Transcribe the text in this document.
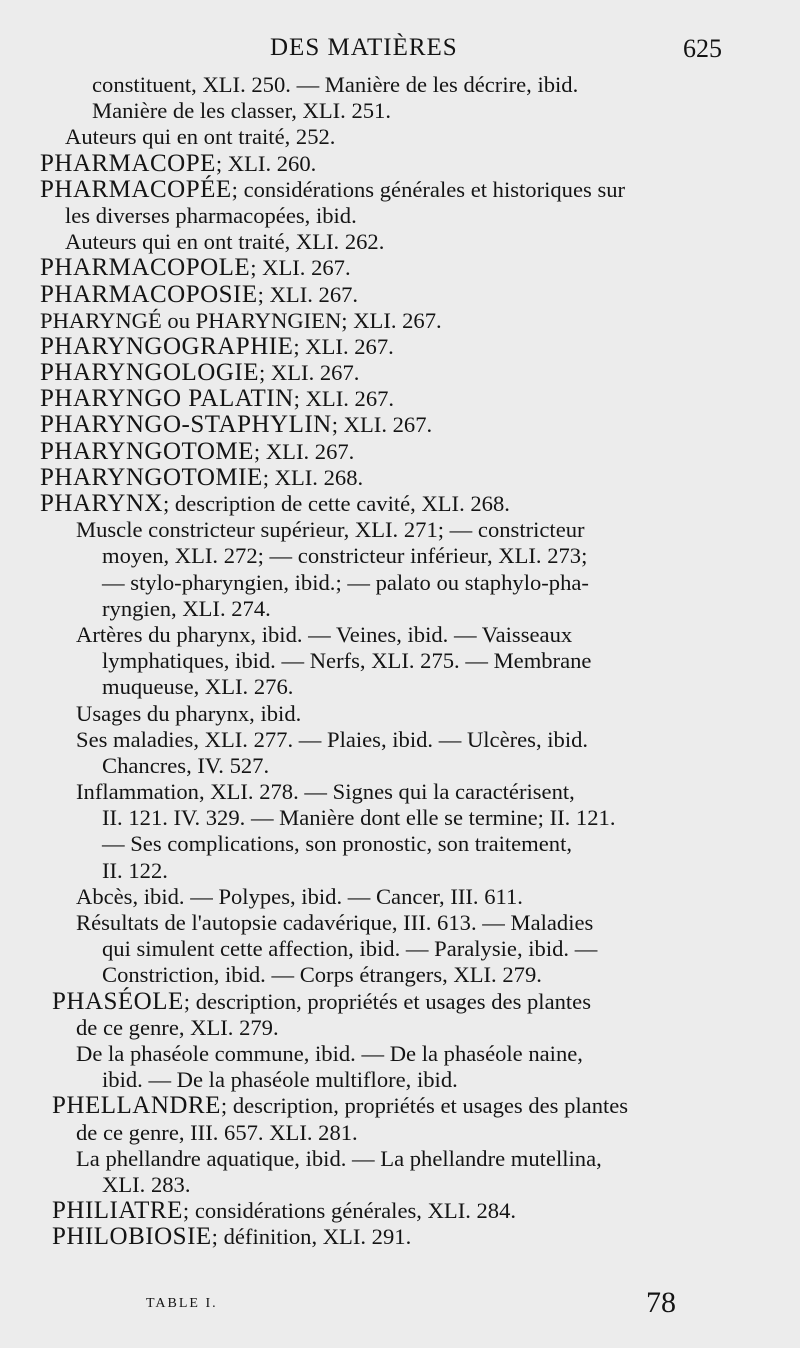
DES MATIÈRES	625
constituent, XLI. 250. — Manière de les décrire, ibid.
Manière de les classer, XLI. 251.
Auteurs qui en ont traité, 252.
PHARMACOPE; XLI. 260.
PHARMACOPÉE; considérations générales et historiques sur
les diverses pharmacopées, ibid.
Auteurs qui en ont traité, XLI. 262.
PHARMACOPOLE; XLI. 267.
PHARMACOPOSIE; XLI. 267.
PHARYNGÉ ou PHARYNGIEN; XLI. 267.
PHARYNGOGRAPHIE; XLI. 267.
PHARYNGOLOGIE; XLI. 267.
PHARYNGO PALATIN; XLI. 267.
PHARYNGO-STAPHYLIN; XLI. 267.
PHARYNGOTOME; XLI. 267.
PHARYNGOTOMIE; XLI. 268.
PHARYNX; description de cette cavité, XLI. 268.
Muscle constricteur supérieur, XLI. 271; — constricteur
moyen, XLI. 272; — constricteur inférieur, XLI. 273;
— stylo-pharyngien, ibid.; — palato ou staphylo-pha-
ryngien, XLI. 274.
Artères du pharynx, ibid. — Veines, ibid. — Vaisseaux
lymphatiques, ibid. — Nerfs, XLI. 275. — Membrane
muqueuse, XLI. 276.
Usages du pharynx, ibid.
Ses maladies, XLI. 277. — Plaies, ibid. — Ulcères, ibid.
Chancres, IV. 527.
Inflammation, XLI. 278. — Signes qui la caractérisent,
II. 121. IV. 329. — Manière dont elle se termine; II. 121.
— Ses complications, son pronostic, son traitement,
II. 122.
Abcès, ibid. — Polypes, ibid. — Cancer, III. 611.
Résultats de l'autopsie cadavérique, III. 613. — Maladies
qui simulent cette affection, ibid. — Paralysie, ibid. —
Constriction, ibid. — Corps étrangers, XLI. 279.
PHASÉOLE; description, propriétés et usages des plantes
de ce genre, XLI. 279.
De la phaséole commune, ibid. — De la phaséole naine,
ibid. — De la phaséole multiflore, ibid.
PHELLANDRE; description, propriétés et usages des plantes
de ce genre, III. 657. XLI. 281.
La phellandre aquatique, ibid. — La phellandre mutellina,
XLI. 283.
PHILIATRE; considérations générales, XLI. 284.
PHILOBIOSIE; définition, XLI. 291.
TABLE I.	78
